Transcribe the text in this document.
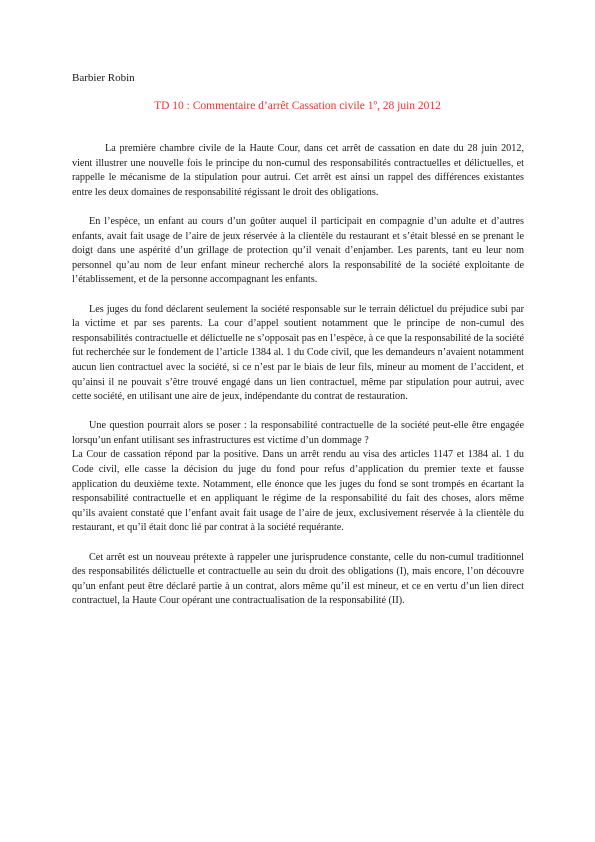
Barbier Robin
TD 10 : Commentaire d’arrêt Cassation civile 1º, 28 juin 2012

La première chambre civile de la Haute Cour, dans cet arrêt de cassation en date du 28 juin 2012, vient illustrer une nouvelle fois le principe du non-cumul des responsabilités contractuelles et délictuelles, et rappelle le mécanisme de la stipulation pour autrui. Cet arrêt est ainsi un rappel des différences existantes entre les deux domaines de responsabilité régissant le droit des obligations.

En l’espèce, un enfant au cours d’un goûter auquel il participait en compagnie d’un adulte et d’autres enfants, avait fait usage de l’aire de jeux réservée à la clientèle du restaurant et s’était blessé en se prenant le doigt dans une aspérité d’un grillage de protection qu’il venait d’enjamber. Les parents, tant eu leur nom personnel qu’au nom de leur enfant mineur recherché alors la responsabilité de la société exploitante de l’établissement, et de la personne accompagnant les enfants.

Les juges du fond déclarent seulement la société responsable sur le terrain délictuel du préjudice subi par la victime et par ses parents. La cour d’appel soutient notamment que le principe de non-cumul des responsabilités contractuelle et délictuelle ne s’opposait pas en l’espèce, à ce que la responsabilité de la société fut recherchée sur le fondement de l’article 1384 al. 1 du Code civil, que les demandeurs n’avaient notamment aucun lien contractuel avec la société, si ce n’est par le biais de leur fils, mineur au moment de l’accident, et qu’ainsi il ne pouvait s’être trouvé engagé dans un lien contractuel, même par stipulation pour autrui, avec cette société, en utilisant une aire de jeux, indépendante du contrat de restauration.

Une question pourrait alors se poser : la responsabilité contractuelle de la société peut-elle être engagée lorsqu’un enfant utilisant ses infrastructures est victime d’un dommage ?

La Cour de cassation répond par la positive. Dans un arrêt rendu au visa des articles 1147 et 1384 al. 1 du Code civil, elle casse la décision du juge du fond pour refus d’application du premier texte et fausse application du deuxième texte. Notamment, elle énonce que les juges du fond se sont trompés en écartant la responsabilité contractuelle et en appliquant le régime de la responsabilité du fait des choses, alors même qu’ils avaient constaté que l’enfant avait fait usage de l’aire de jeux, exclusivement réservée à la clientèle du restaurant, et qu’il était donc lié par contrat à la société requérante.

Cet arrêt est un nouveau prétexte à rappeler une jurisprudence constante, celle du non-cumul traditionnel des responsabilités délictuelle et contractuelle au sein du droit des obligations (I), mais encore, l’on découvre qu’un enfant peut être déclaré partie à un contrat, alors même qu’il est mineur, et ce en vertu d’un lien direct contractuel, la Haute Cour opérant une contractualisation de la responsabilité (II).
